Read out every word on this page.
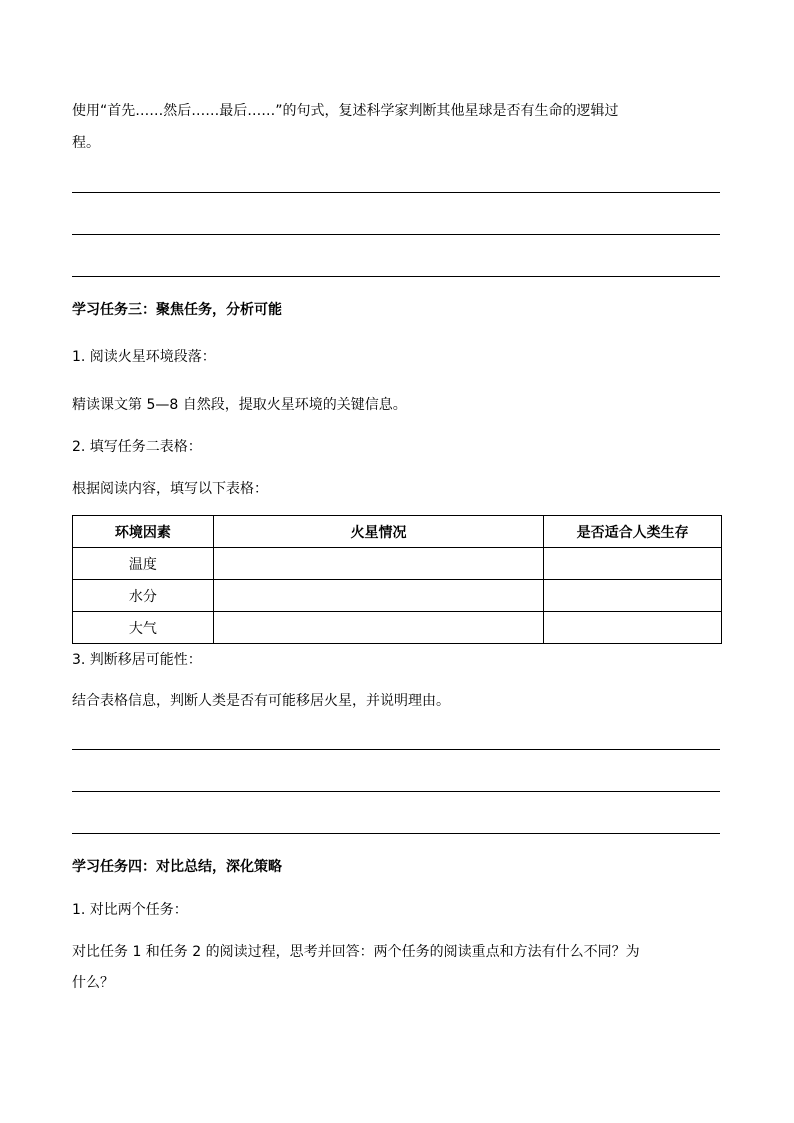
使用“首先……然后……最后……”的句式，复述科学家判断其他星球是否有生命的逻辑过
程。
学习任务三：聚焦任务，分析可能
1. 阅读火星环境段落：
精读课文第 5—8 自然段，提取火星环境的关键信息。
2. 填写任务二表格：
根据阅读内容，填写以下表格：
环境因素	火星情况	是否适合人类生存
温度		
水分		
大气		
3. 判断移居可能性：
结合表格信息，判断人类是否有可能移居火星，并说明理由。
学习任务四：对比总结，深化策略
1. 对比两个任务：
对比任务 1 和任务 2 的阅读过程，思考并回答：两个任务的阅读重点和方法有什么不同？为
什么？
